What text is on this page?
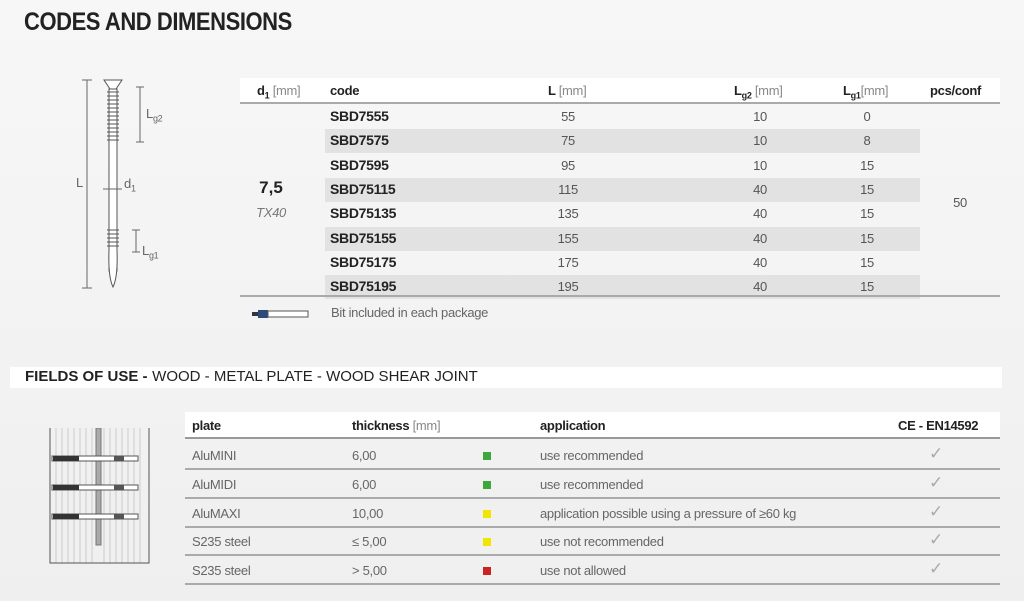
CODES AND DIMENSIONS
L
$L_{g2}$
$d_1$
$L_{g1}$
$d_1$ [mm] code	L [mm]	$L_{g2}$ [mm]	$L_{g1}[mm]$	pcs/conf
SBD7555	55	10	0
SBD7575	75	10	8
SBD7595	95	10	15
SBD75115	115	40	15
SBD75135	135	40	15
SBD75155	155	40	15
SBD75175	175	40	15
SBD75195	195	40	15
7,5
TX40
50
Bit included in each package
FIELDS OF USE - WOOD - METAL PLATE - WOOD SHEAR JOINT
plate	thickness [mm]	application	CE - EN14592
AluMINI	6,00	use recommended	✓
AluMIDI	6,00	use recommended	✓
AluMAXI	10,00	application possible using a pressure of ≥60 kg	✓
S235 steel	≤ 5,00	use not recommended	✓
S235 steel	> 5,00	use not allowed	✓
